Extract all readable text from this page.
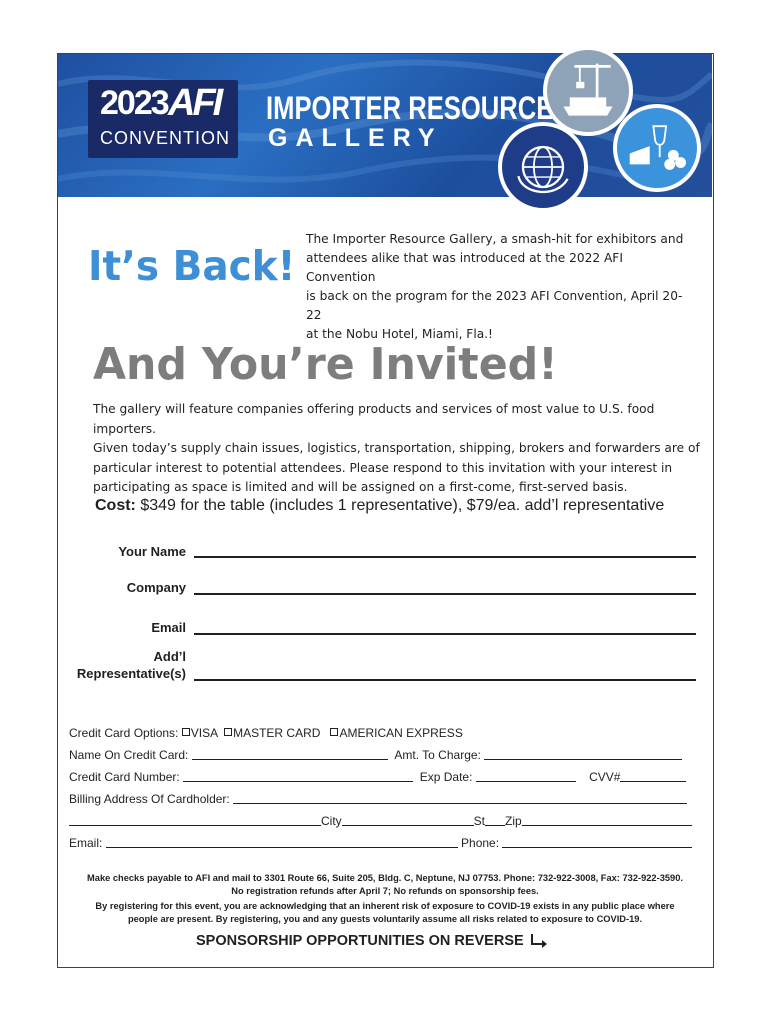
2023 AFI
CONVENTION
IMPORTER RESOURCE
GALLERY
It’s Back!
The Importer Resource Gallery, a smash-hit for exhibitors and
attendees alike that was introduced at the 2022 AFI Convention
is back on the program for the 2023 AFI Convention, April 20-22
at the Nobu Hotel, Miami, Fla.!
And You’re Invited!
The gallery will feature companies offering products and services of most value to U.S. food importers.
Given today’s supply chain issues, logistics, transportation, shipping, brokers and forwarders are of
particular interest to potential attendees. Please respond to this invitation with your interest in
participating as space is limited and will be assigned on a first-come, first-served basis.
Cost: $349 for the table (includes 1 representative), $79/ea. add’l representative
Your Name
Company
Email
Add’l
Representative(s)
Credit Card Options: VISA MASTER CARD AMERICAN EXPRESS
Name On Credit Card:	Amt. To Charge:
Credit Card Number:	Exp Date:	CVV#
Billing Address Of Cardholder:
City	St Zip
Email:	Phone:
Make checks payable to AFI and mail to 3301 Route 66, Suite 205, Bldg. C, Neptune, NJ 07753. Phone: 732-922-3008, Fax: 732-922-3590.
No registration refunds after April 7; No refunds on sponsorship fees.
By registering for this event, you are acknowledging that an inherent risk of exposure to COVID-19 exists in any public place where
people are present. By registering, you and any guests voluntarily assume all risks related to exposure to COVID-19.
SPONSORSHIP OPPORTUNITIES ON REVERSE
